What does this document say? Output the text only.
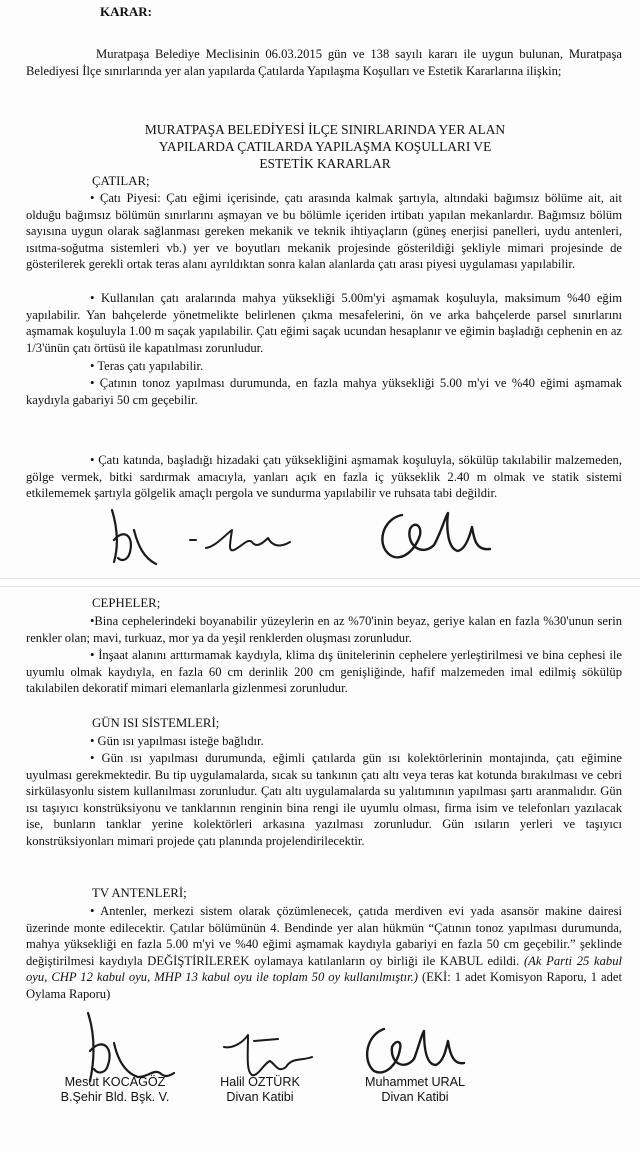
KARAR:

Muratpaşa Belediye Meclisinin 06.03.2015 gün ve 138 sayılı kararı ile uygun bulunan, Muratpaşa Belediyesi İlçe sınırlarında yer alan yapılarda Çatılarda Yapılaşma Koşulları ve Estetik Kararlarına ilişkin;

MURATPAŞA BELEDİYESİ İLÇE SINIRLARINDA YER ALAN
YAPILARDA ÇATILARDA YAPILAŞMA KOŞULLARI VE
ESTETİK KARARLAR
ÇATILAR;

• Çatı Piyesi: Çatı eğimi içerisinde, çatı arasında kalmak şartıyla, altındaki bağımsız bölüme ait, ait olduğu bağımsız bölümün sınırlarını aşmayan ve bu bölümle içeriden irtibatı yapılan mekanlardır. Bağımsız bölüm sayısına uygun olarak sağlanması gereken mekanik ve teknik ihtiyaçların (güneş enerjisi panelleri, uydu antenleri, ısıtma-soğutma sistemleri vb.) yer ve boyutları mekanik projesinde gösterildiği şekliyle mimari projesinde de gösterilerek gerekli ortak teras alanı ayrıldıktan sonra kalan alanlarda çatı arası piyesi uygulaması yapılabilir.

• Kullanılan çatı aralarında mahya yüksekliği 5.00m'yi aşmamak koşuluyla, maksimum %40 eğim yapılabilir. Yan bahçelerde yönetmelikte belirlenen çıkma mesafelerini, ön ve arka bahçelerde parsel sınırlarını aşmamak koşuluyla 1.00 m saçak yapılabilir. Çatı eğimi saçak ucundan hesaplanır ve eğimin başladığı cephenin en az 1/3'ünün çatı örtüsü ile kapatılması zorunludur.

• Teras çatı yapılabilir.

• Çatının tonoz yapılması durumunda, en fazla mahya yüksekliği 5.00 m'yi ve %40 eğimi aşmamak kaydıyla gabariyi 50 cm geçebilir.

• Çatı katında, başladığı hizadaki çatı yüksekliğini aşmamak koşuluyla, sökülüp takılabilir malzemeden, gölge vermek, bitki sardırmak amacıyla, yanları açık en fazla iç yükseklik 2.40 m olmak ve statik sistemi etkilememek şartıyla gölgelik amaçlı pergola ve sundurma yapılabilir ve ruhsata tabi değildir.

CEPHELER;

•Bina cephelerindeki boyanabilir yüzeylerin en az %70'inin beyaz, geriye kalan en fazla %30'unun serin renkler olan; mavi, turkuaz, mor ya da yeşil renklerden oluşması zorunludur.

• İnşaat alanını arttırmamak kaydıyla, klima dış ünitelerinin cephelere yerleştirilmesi ve bina cephesi ile uyumlu olmak kaydıyla, en fazla 60 cm derinlik 200 cm genişliğinde, hafif malzemeden imal edilmiş sökülüp takılabilen dekoratif mimari elemanlarla gizlenmesi zorunludur.

GÜN ISI SİSTEMLERİ;

• Gün ısı yapılması isteğe bağlıdır.

• Gün ısı yapılması durumunda, eğimli çatılarda gün ısı kolektörlerinin montajında, çatı eğimine uyulması gerekmektedir. Bu tip uygulamalarda, sıcak su tankının çatı altı veya teras kat kotunda bırakılması ve cebri sirkülasyonlu sistem kullanılması zorunludur. Çatı altı uygulamalarda su yalıtımının yapılması şartı aranmalıdır. Gün ısı taşıyıcı konstrüksiyonu ve tanklarının renginin bina rengi ile uyumlu olması, firma isim ve telefonları yazılacak ise, bunların tanklar yerine kolektörleri arkasına yazılması zorunludur. Gün ısıların yerleri ve taşıyıcı konstrüksiyonları mimari projede çatı planında projelendirilecektir.

TV ANTENLERİ;

• Antenler, merkezi sistem olarak çözümlenecek, çatıda merdiven evi yada asansör makine dairesi üzerinde monte edilecektir. Çatılar bölümünün 4. Bendinde yer alan hükmün “Çatının tonoz yapılması durumunda, mahya yüksekliği en fazla 5.00 m'yi ve %40 eğimi aşmamak kaydıyla gabariyi en fazla 50 cm geçebilir.” şeklinde değiştirilmesi kaydıyla DEĞİŞTİRİLEREK oylamaya katılanların oy birliği ile KABUL edildi. (Ak Parti 25 kabul oyu, CHP 12 kabul oyu, MHP 13 kabul oyu ile toplam 50 oy kullanılmıştır.) (EKİ: 1 adet Komisyon Raporu, 1 adet Oylama Raporu)

Mesut KOCAGÖZ
B.Şehir Bld. Bşk. V.
Halil ÖZTÜRK
Divan Katibi
Muhammet URAL
Divan Katibi
